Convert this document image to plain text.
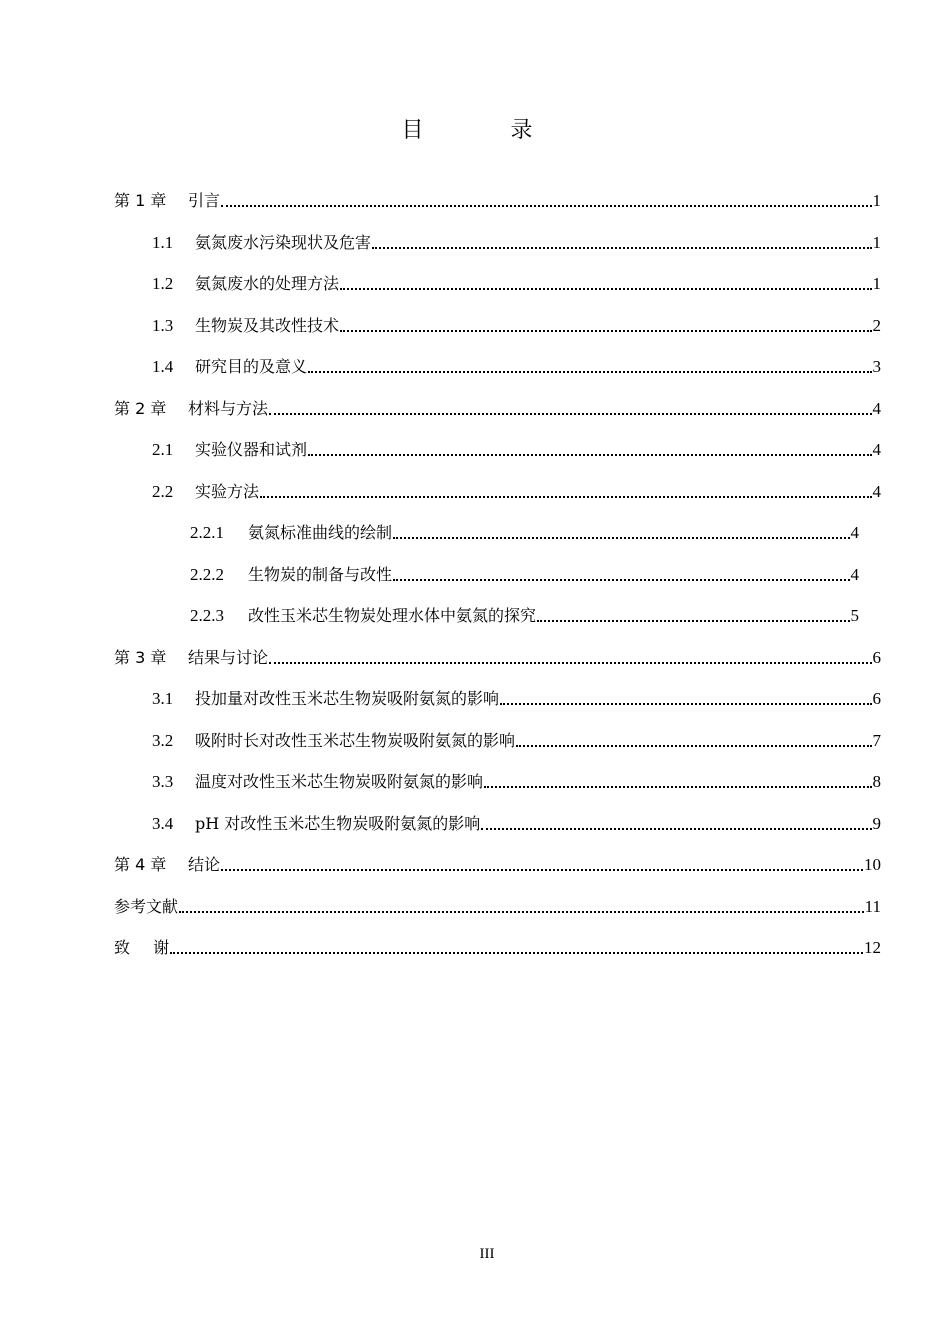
目 录
第 1 章	引言	1
1.1	氨氮废水污染现状及危害	1
1.2	氨氮废水的处理方法	1
1.3	生物炭及其改性技术	2
1.4	研究目的及意义	3
第 2 章	材料与方法	4
2.1	实验仪器和试剂	4
2.2	实验方法	4
2.2.1	氨氮标准曲线的绘制	4
2.2.2	生物炭的制备与改性	4
2.2.3	改性玉米芯生物炭处理水体中氨氮的探究	5
第 3 章	结果与讨论	6
3.1	投加量对改性玉米芯生物炭吸附氨氮的影响	6
3.2	吸附时长对改性玉米芯生物炭吸附氨氮的影响	7
3.3	温度对改性玉米芯生物炭吸附氨氮的影响	8
3.4	pH 对改性玉米芯生物炭吸附氨氮的影响	9
第 4 章	结论	10
参考文献	11
致 谢	12
III
